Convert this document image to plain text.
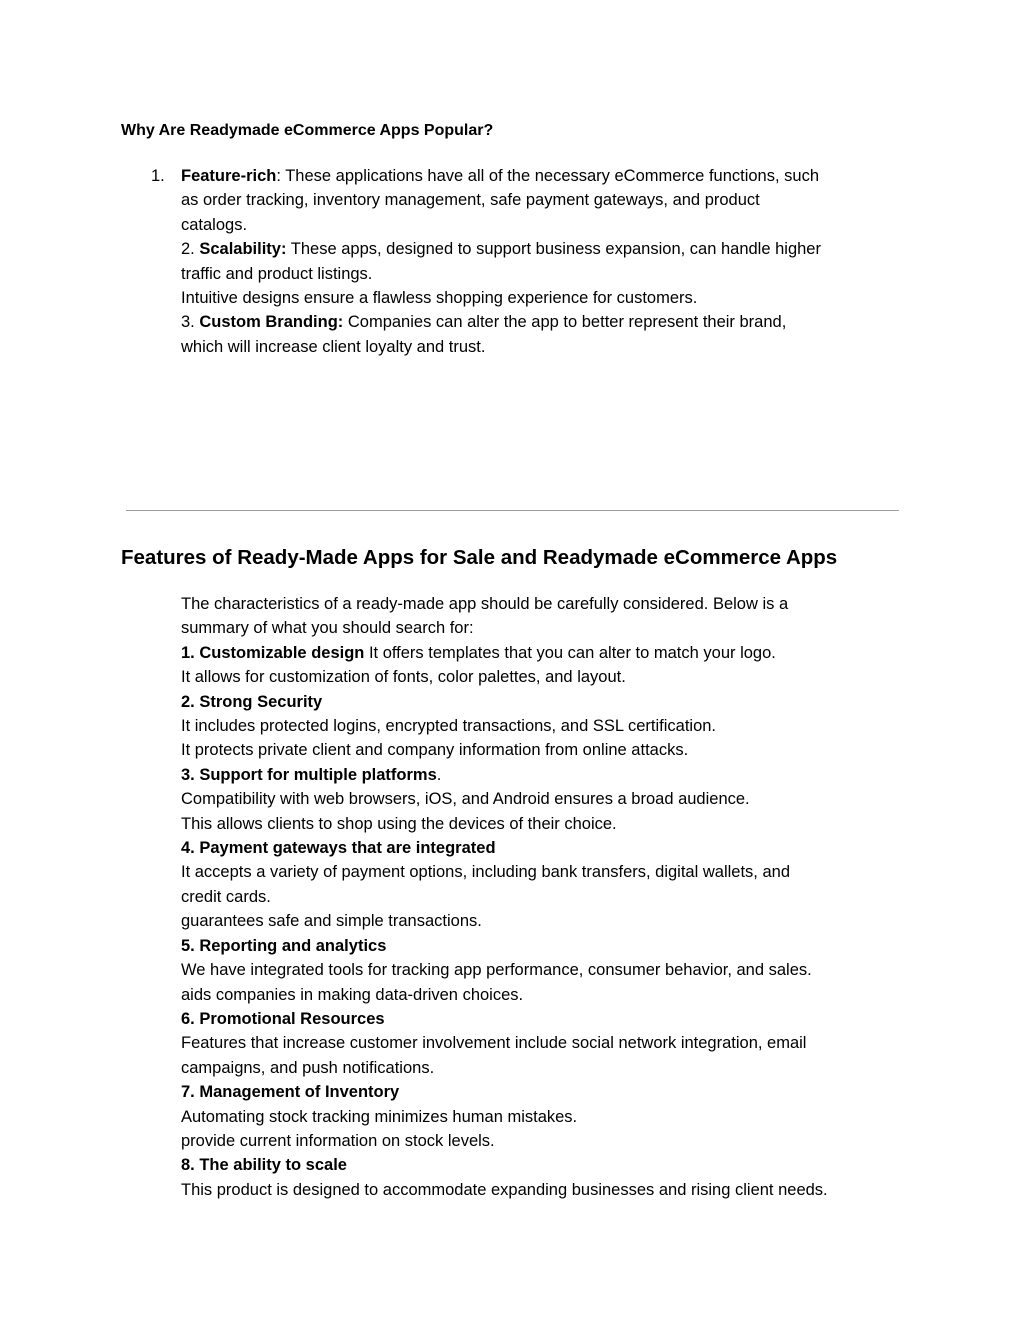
Why Are Readymade eCommerce Apps Popular?
1. Feature-rich: These applications have all of the necessary eCommerce functions, such
as order tracking, inventory management, safe payment gateways, and product
catalogs.
2. Scalability: These apps, designed to support business expansion, can handle higher
traffic and product listings.
Intuitive designs ensure a flawless shopping experience for customers.
3. Custom Branding: Companies can alter the app to better represent their brand,
which will increase client loyalty and trust.
Features of Ready-Made Apps for Sale and Readymade eCommerce Apps
The characteristics of a ready-made app should be carefully considered. Below is a
summary of what you should search for:
1. Customizable design It offers templates that you can alter to match your logo.
It allows for customization of fonts, color palettes, and layout.
2. Strong Security
It includes protected logins, encrypted transactions, and SSL certification.
It protects private client and company information from online attacks.
3. Support for multiple platforms.
Compatibility with web browsers, iOS, and Android ensures a broad audience.
This allows clients to shop using the devices of their choice.
4. Payment gateways that are integrated
It accepts a variety of payment options, including bank transfers, digital wallets, and
credit cards.
guarantees safe and simple transactions.
5. Reporting and analytics
We have integrated tools for tracking app performance, consumer behavior, and sales.
aids companies in making data-driven choices.
6. Promotional Resources
Features that increase customer involvement include social network integration, email
campaigns, and push notifications.
7. Management of Inventory
Automating stock tracking minimizes human mistakes.
provide current information on stock levels.
8. The ability to scale
This product is designed to accommodate expanding businesses and rising client needs.
